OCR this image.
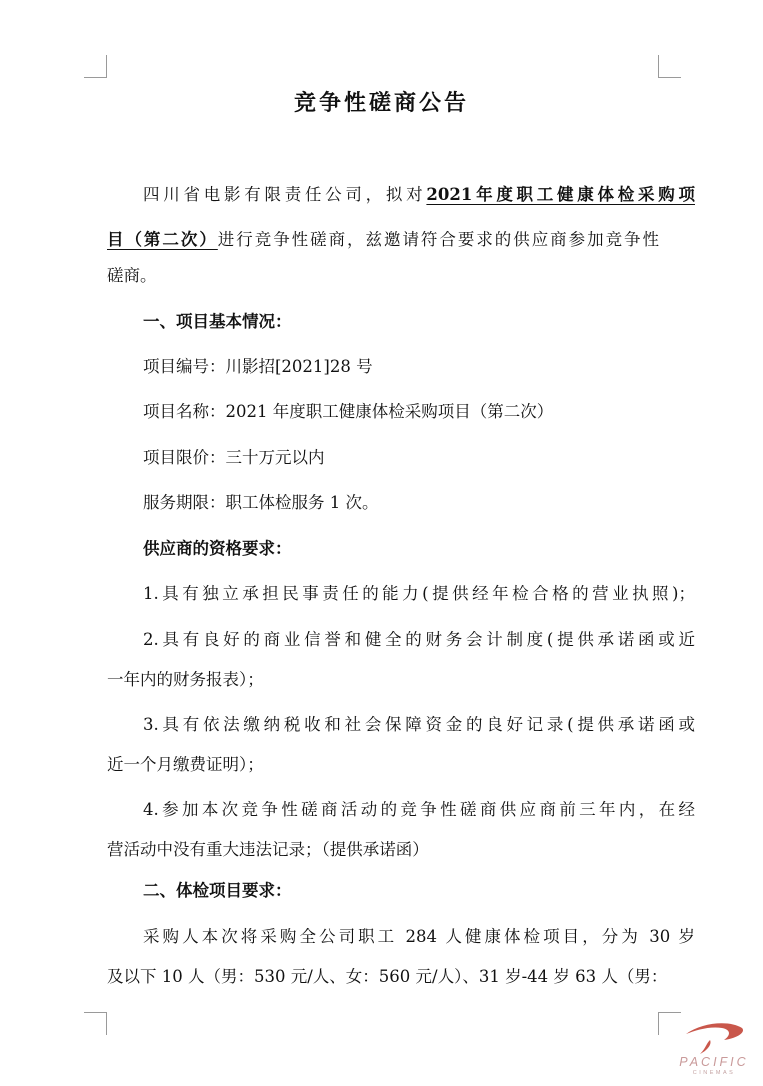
竞争性磋商公告
四川省电影有限责任公司，拟对2021年度职工健康体检采购项
目（第二次）进行竞争性磋商，兹邀请符合要求的供应商参加竞争性
磋商。
一、项目基本情况：
项目编号：川影招[2021]28 号
项目名称：2021 年度职工健康体检采购项目（第二次）
项目限价：三十万元以内
服务期限：职工体检服务 1 次。
供应商的资格要求：
1.具有独立承担民事责任的能力(提供经年检合格的营业执照)；
2.具有良好的商业信誉和健全的财务会计制度(提供承诺函或近
一年内的财务报表）；
3.具有依法缴纳税收和社会保障资金的良好记录(提供承诺函或
近一个月缴费证明）；
4.参加本次竞争性磋商活动的竞争性磋商供应商前三年内，在经
营活动中没有重大违法记录；（提供承诺函）
二、体检项目要求：
采购人本次将采购全公司职工 284 人健康体检项目，分为 30 岁
及以下 10 人（男：530 元/人、女：560 元/人）、31 岁-44 岁 63 人（男：
PACIFIC
CINEMAS
